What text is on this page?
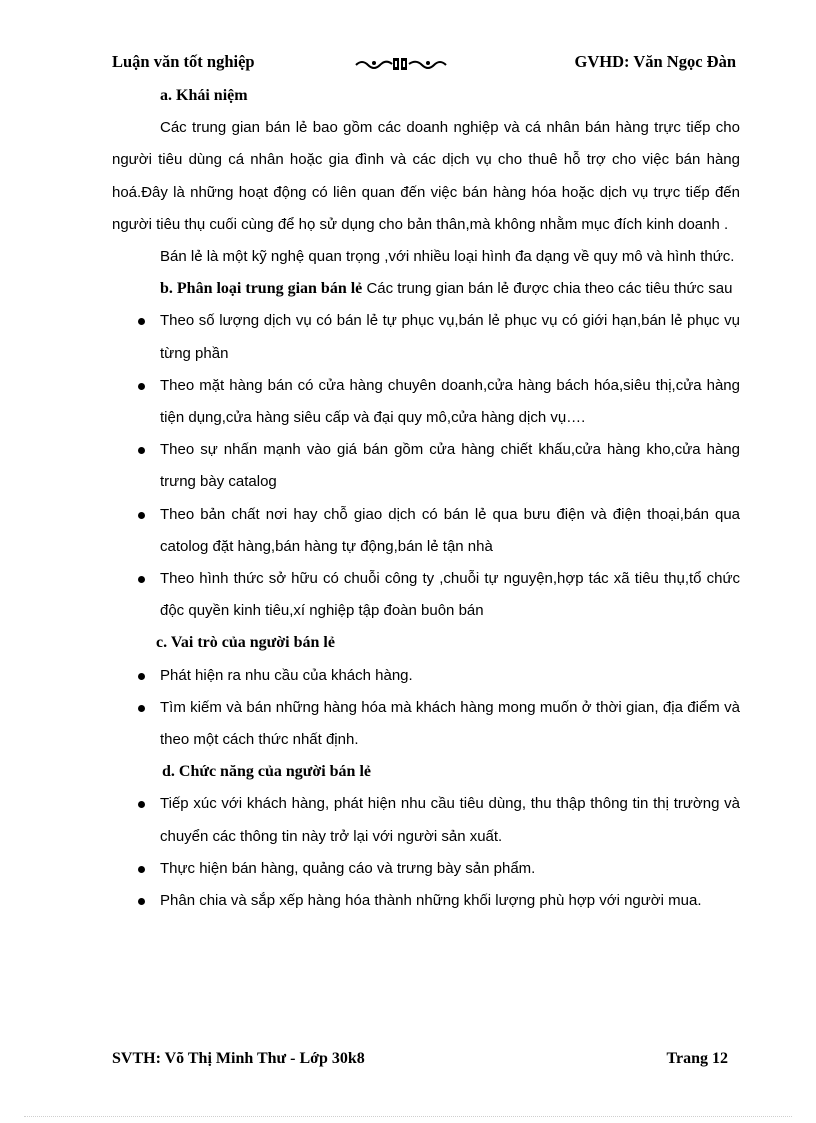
Luận văn tốt nghiệp	GVHD: Văn Ngọc Đàn

a. Khái niệm

Các trung gian bán lẻ bao gồm các doanh nghiệp và cá nhân bán hàng trực tiếp cho người tiêu dùng cá nhân hoặc gia đình và các dịch vụ cho thuê hỗ trợ cho việc bán hàng hoá.Đây là những hoạt động có liên quan đến việc bán hàng hóa hoặc dịch vụ trực tiếp đến người tiêu thụ cuối cùng để họ sử dụng cho bản thân,mà không nhằm mục đích kinh doanh .

Bán lẻ là một kỹ nghệ quan trọng ,với nhiều loại hình đa dạng về quy mô và hình thức.

b. Phân loại trung gian bán lẻ Các trung gian bán lẻ được chia theo các tiêu thức sau

Theo số lượng dịch vụ có bán lẻ tự phục vụ,bán lẻ phục vụ có giới hạn,bán lẻ phục vụ từng phần
Theo mặt hàng bán có cửa hàng chuyên doanh,cửa hàng bách hóa,siêu thị,cửa hàng tiện dụng,cửa hàng siêu cấp và đại quy mô,cửa hàng dịch vụ….
Theo sự nhấn mạnh vào giá bán gồm cửa hàng chiết khấu,cửa hàng kho,cửa hàng trưng bày catalog
Theo bản chất nơi hay chỗ giao dịch có bán lẻ qua bưu điện và điện thoại,bán qua catolog đặt hàng,bán hàng tự động,bán lẻ tận nhà
Theo hình thức sở hữu có chuỗi công ty ,chuỗi tự nguyện,hợp tác xã tiêu thụ,tổ chức độc quyền kinh tiêu,xí nghiệp tập đoàn buôn bán

c. Vai trò của người bán lẻ

Phát hiện ra nhu cầu của khách hàng.
Tìm kiếm và bán những hàng hóa mà khách hàng mong muốn ở thời gian, địa điểm và theo một cách thức nhất định.

d. Chức năng của người bán lẻ

Tiếp xúc với khách hàng, phát hiện nhu cầu tiêu dùng, thu thập thông tin thị trường và chuyển các thông tin này trở lại với người sản xuất.
Thực hiện bán hàng, quảng cáo và trưng bày sản phẩm.
Phân chia và sắp xếp hàng hóa thành những khối lượng phù hợp với người mua.
SVTH: Võ Thị Minh Thư - Lớp 30k8	Trang 12
